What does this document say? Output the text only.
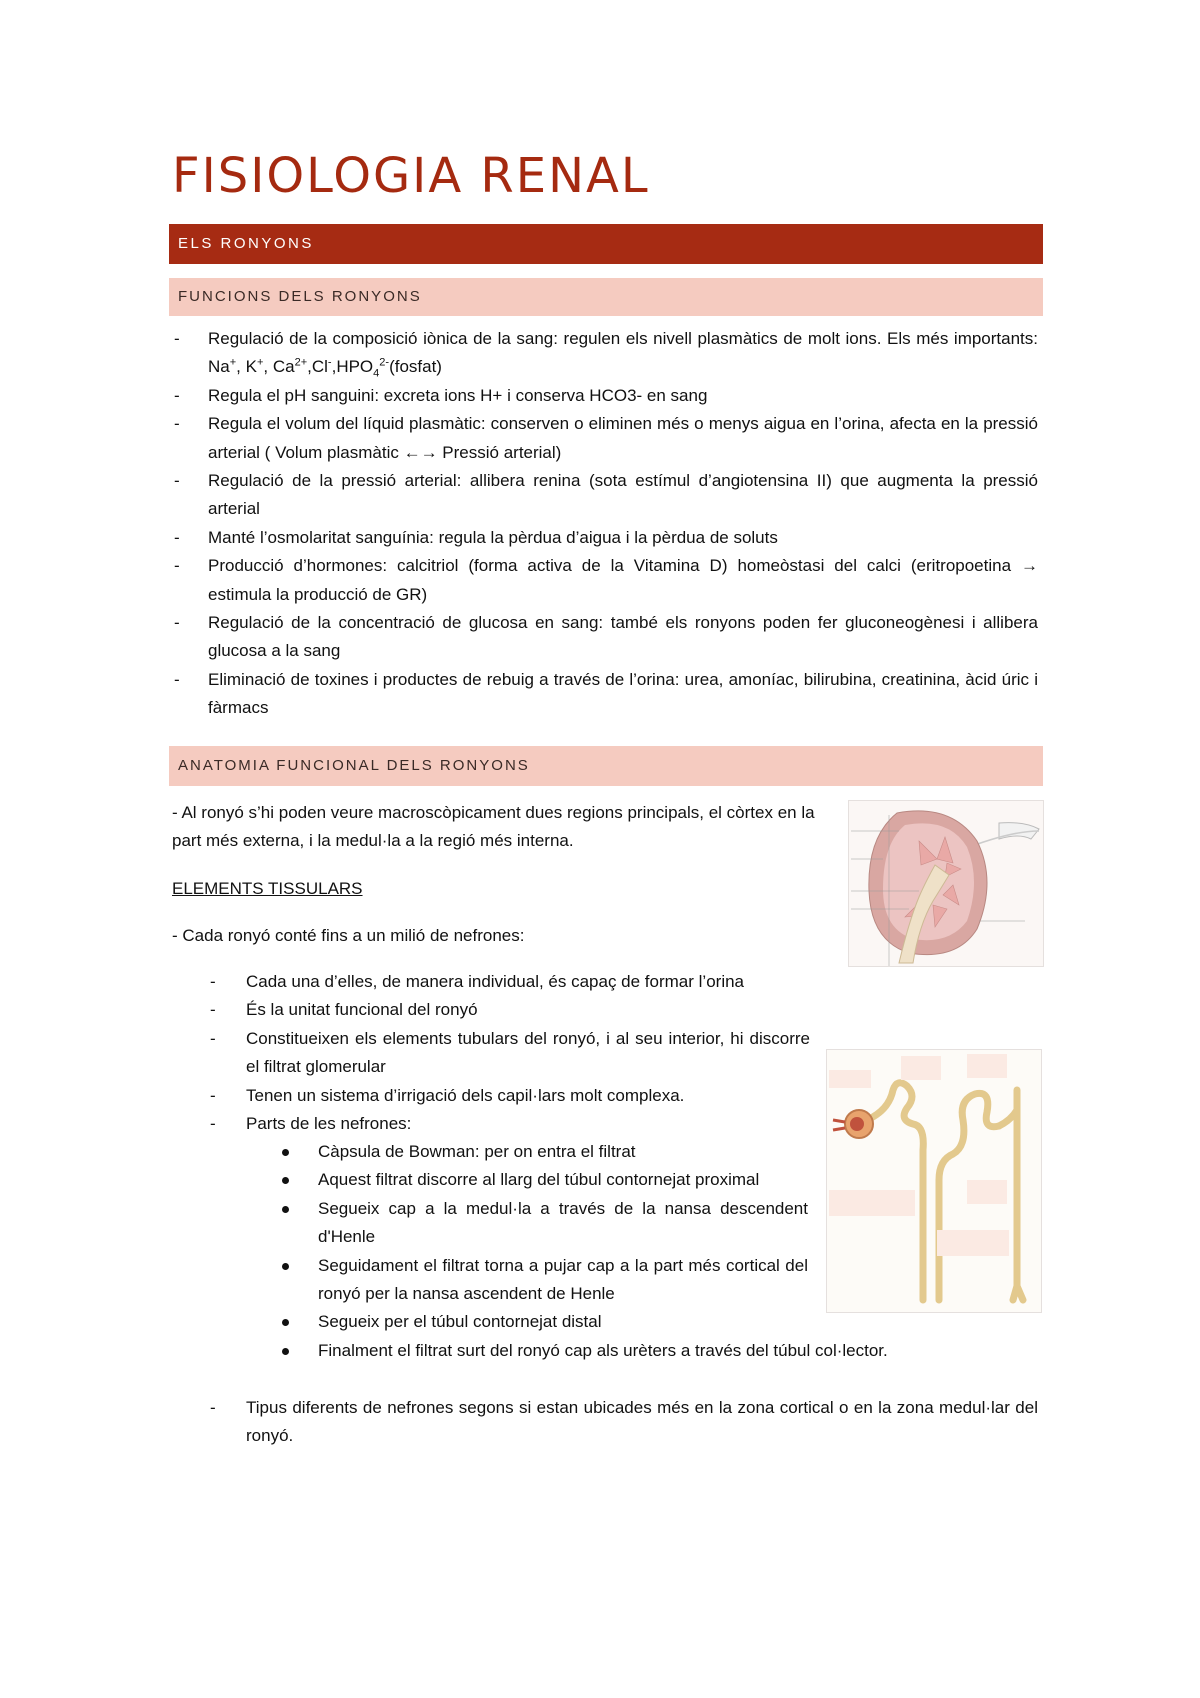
FISIOLOGIA RENAL
ELS RONYONS
FUNCIONS DELS RONYONS
- Regulació de la composició iònica de la sang: regulen els nivell plasmàtics de molt ions. Els més importants: Na+, K+, $Ca^{2+},Cl^-,HPO_4^{2-}(fosfat)$
- Regula el pH sanguini: excreta ions H+ i conserva HCO3- en sang
- Regula el volum del líquid plasmàtic: conserven o eliminen més o menys aigua en l’orina, afecta en la pressió arterial ( Volum plasmàtic ←→ Pressió arterial)
- Regulació de la pressió arterial: allibera renina (sota estímul d’angiotensina II) que augmenta la pressió arterial
- Manté l’osmolaritat sanguínia: regula la pèrdua d’aigua i la pèrdua de soluts
- Producció d’hormones: calcitriol (forma activa de la Vitamina D) homeòstasi del calci (eritropoetina → estimula la producció de GR)
- Regulació de la concentració de glucosa en sang: també els ronyons poden fer gluconeogènesi i allibera glucosa a la sang
- Eliminació de toxines i productes de rebuig a través de l’orina: urea, amoníac, bilirubina, creatinina, àcid úric i fàrmacs
ANATOMIA FUNCIONAL DELS RONYONS
- Al ronyó s’hi poden veure macroscòpicament dues regions principals, el còrtex en la part més externa, i la medul·la a la regió més interna.
ELEMENTS TISSULARS
- Cada ronyó conté fins a un milió de nefrones:
- Cada una d’elles, de manera individual, és capaç de formar l’orina
- És la unitat funcional del ronyó
- Constitueixen els elements tubulars del ronyó, i al seu interior, hi discorre el filtrat glomerular
- Tenen un sistema d’irrigació dels capil·lars molt complexa.
- Parts de les nefrones:
Càpsula de Bowman: per on entra el filtrat
Aquest filtrat discorre al llarg del túbul contornejat proximal
Segueix cap a la medul·la a través de la nansa descendent d'Henle
Seguidament el filtrat torna a pujar cap a la part més cortical del ronyó per la nansa ascendent de Henle
Segueix per el túbul contornejat distal
Finalment el filtrat surt del ronyó cap als urèters a través del túbul col·lector.
- Tipus diferents de nefrones segons si estan ubicades més en la zona cortical o en la zona medul·lar del ronyó.
